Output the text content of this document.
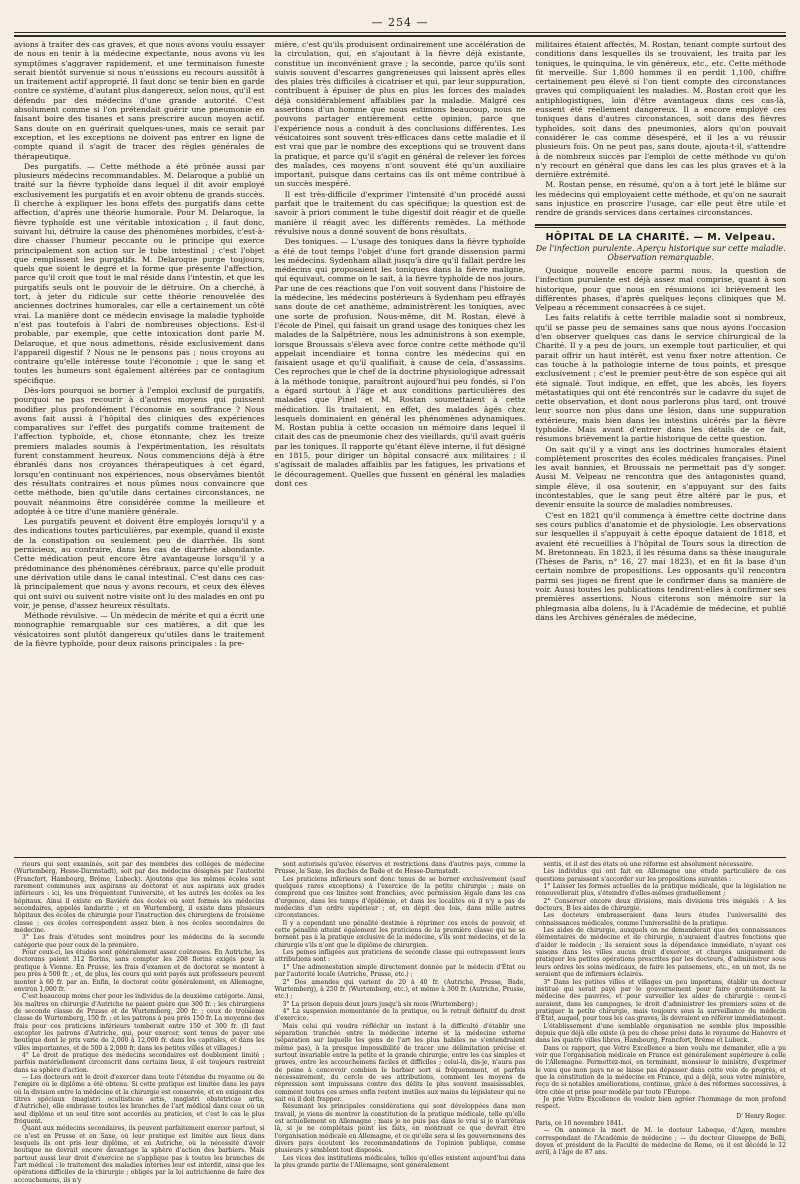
— 254 —

avions à traiter des cas graves, et que nous avons voulu essayer de nous en tenir à la médecine expectante, nous avons vu les symptômes s'aggraver rapidement, et une terminaison funeste serait bientôt survenue si nous n'eussions eu recours aussitôt à un traitement actif approprié. Il faut donc se tenir bien en garde contre ce système, d'autant plus dangereux, selon nous, qu'il est défendu par des médecins d'une grande autorité. C'est absolument comme si l'on prétendait guérir une pneumonie en faisant boire des tisanes et sans prescrire aucun moyen actif. Sans doute on en guérirait quelques-unes, mais ce serait par exception, et les exceptions ne doivent pas entrer en ligne de compte quand il s'agit de tracer des règles générales de thérapeutique.

Des purgatifs. — Cette méthode a été prônée aussi par plusieurs médecins recommandables. M. Delaroque a publié un traité sur la fièvre typhoïde dans lequel il dit avoir employé exclusivement les purgatifs et en avoir obtenu de grands succès. Il cherche à expliquer les bons effets des purgatifs dans cette affection, d'après une théorie humorale. Pour M. Delaroque, la fièvre typhoïde est une véritable intoxication ; il faut donc, suivant lui, détruire la cause des phénomènes morbides, c'est-à-dire chasser l'humeur peccante ou le principe qui exerce principalement son action sur le tube intestinal ; c'est l'objet que remplissent les purgatifs. M. Delaroque purge toujours, quels que soient le degré et la forme que présente l'affection, parce qu'il croit que tout le mal réside dans l'intestin, et que les purgatifs seuls ont le pouvoir de le détruire. On a cherché, à tort, à jeter du ridicule sur cette théorie renouvelée des anciennes doctrines humorales, car elle a certainement un côté vrai. La manière dont ce médecin envisage la maladie typhoïde n'est pas toutefois à l'abri de nombreuses objections. Est-il probable, par exemple, que cette intoxication dont parle M. Delaroque, et que nous admettons, réside exclusivement dans l'appareil digestif ? Nous ne le pensons pas ; nous croyons au contraire qu'elle intéresse toute l'économie ; que le sang et toutes les humeurs sont également altérées par ce contagium spécifique.

Dès-lors pourquoi se borner à l'emploi exclusif de purgatifs, pourquoi ne pas recourir à d'autres moyens qui puissent modifier plus profondément l'économie en souffrance ? Nous avons fait aussi à l'hôpital des cliniques des expériences comparatives sur l'effet des purgatifs comme traitement de l'affection typhoïde, et, chose étonnante, chez les treize premiers malades soumis à l'expérimentation, les résultats furent constamment heureux. Nous commencions déjà à être ébranlés dans nos croyances thérapeutiques à cet égard, lorsqu'en continuant nos expériences, nous observâmes bientôt des résultats contraires et nous pûmes nous convaincre que cette méthode, bien qu'utile dans certaines circonstances, ne pouvait néanmoins être considérée comme la meilleure et adoptée à ce titre d'une manière générale.

Les purgatifs peuvent et doivent être employés lorsqu'il y a des indications toutes particulières, par exemple, quand il existe de la constipation ou seulement peu de diarrhée. Ils sont pernicieux, au contraire, dans les cas de diarrhée abondante. Cette médication peut encore être avantageuse lorsqu'il y a prédominance des phénomènes cérébraux, parce qu'elle produit une dérivation utile dans le canal intestinal. C'est dans ces cas-là principalement que nous y avons recours, et ceux des élèves qui ont suivi ou suivent notre visite ont lu des malades en ont pu voir, je pense, d'assez heureux résultats.

Méthode révulsive. — Un médecin de mérite et qui a écrit une monographie remarquable sur ces matières, a dit que les vésicatoires sont plutôt dangereux qu'utiles dans le traitement de la fièvre typhoïde, pour deux raisons principales : la pre-

mière, c'est qu'ils produisent ordinairement une accélération de la circulation, qui, en s'ajoutant à la fièvre déjà existante, constitue un inconvénient grave ; la seconde, parce qu'ils sont suivis souvent d'escarres gangreneuses qui laissent après elles des plaies très difficiles à cicatriser et qui, par leur suppuration, contribuent à épuiser de plus en plus les forces des malades déjà considérablement affaiblies par la maladie. Malgré ces assertions d'un homme que nous estimons beaucoup, nous ne pouvons partager entièrement cette opinion, parce que l'expérience nous a conduit à des conclusions différentes. Les vésicatoires sont souvent très-efficaces dans cette maladie et il est vrai que par le nombre des exceptions qui se trouvent dans la pratique, et parce qu'il s'agit en général de relever les forces des malades, ces moyens n'ont souvent été qu'un auxiliaire important, puisque dans certains cas ils ont même contribué à un succès inespéré.

Il est très-difficile d'exprimer l'intensité d'un procédé aussi parfait que le traitement du cas spécifique; la question est de savoir à priori comment le tube digestif doit réagir et de quelle manière il réagit avec les différents remèdes. La méthode révulsive nous a donné souvent de bons résultats.

Des toniques. — L'usage des toniques dans la fièvre typhoïde a été de tout temps l'objet d'une fort grande dissension parmi les médecins. Sydenham allait jusqu'à dire qu'il fallait perdre les médecins qui proposaient les toniques dans la fièvre maligne, qui équivaut, comme on le sait, à la fièvre typhoïde de nos jours. Par une de ces réactions que l'on voit souvent dans l'histoire de la médecine, les médecins postérieurs à Sydenham peu effrayés sans doute de cet anathème, administrèrent les toniques, avec une sorte de profusion. Nous-même, dit M. Rostan, élevé à l'école de Pinel, qui faisait un grand usage des toniques chez les malades de la Salpêtrière, nous les administrons à son exemple, lorsque Broussais s'éleva avec force contre cette méthode qu'il appelait incendiaire et tonna contre les médecins qui en faisaient usage et qu'il qualifiait, à cause de cela, d'assassins. Ces reproches que le chef de la doctrine physiologique adressait à la méthode tonique, paraîtront aujourd'hui peu fondés, si l'on a égard surtout à l'âge et aux conditions particulières des malades que Pinel et M. Rostan soumettaient à cette médication. Ils traitaient, en effet, des malades âgés chez lesquels dominaient en général les phénomènes adynamiques. M. Rostan publia à cette occasion un mémoire dans lequel il citait des cas de pneumonie chez des vieillards, qu'il avait guéris par les toniques. Il rapporte qu'étant élève interne, il fut désigné en 1815, pour diriger un hôpital consacré aux militaires ; il s'agissait de malades affaiblis par les fatigues, les privations et le découragement. Quelles que fussent en général les maladies dont ces

militaires étaient affectés, M. Rostan, tenant compte surtout des conditions dans lesquelles ils se trouvaient, les traita par les toniques, le quinquina, le vin généreux, etc., etc. Cette méthode fit merveille. Sur 1,800 hommes il en perdit 1,100, chiffre certainement peu élevé si l'on tient compte des circonstances graves qui compliquaient les maladies. M. Rostan croit que les antiphlogistiques, loin d'être avantageux dans ces cas-là, eussent été réellement dangereux. Il a encore employé ces toniques dans d'autres circonstances, soit dans des fièvres typhoïdes, soit dans des pneumonies, alors qu'on pouvait considérer le cas comme désespéré, et il les a vu réussir plusieurs fois. On ne peut pas, sans doute, ajouta-t-il, s'attendre à de nombreux succès par l'emploi de cette méthode vu qu'on n'y recourt en général que dans les cas les plus graves et à la dernière extrémité.

M. Rostan pense, en résumé, qu'on a à tort jeté le blâme sur les médecins qui employaient cette méthode, et qu'on ne saurait sans injustice en proscrire l'usage, car elle peut être utile et rendre de grands services dans certaines circonstances.

HÔPITAL DE LA CHARITÉ. — M. Velpeau.
De l'infection purulente. Aperçu historique sur cette maladie. Observation remarquable.

Quoique nouvelle encore parmi nous, la question de l'infection purulente est déjà assez mal comprise, quant à son historique, pour que nous en résumions ici brièvement les différentes phases, d'après quelques leçons cliniques que M. Velpeau a récemment consacrées à ce sujet.

Les faits relatifs à cette terrible maladie sont si nombreux, qu'il se passe peu de semaines sans que nous ayons l'occasion d'en observer quelques cas dans le service chirurgical de la Charité. Il y a peu de jours, un exemple tout particulier, et qui parait offrir un haut intérêt, est venu fixer notre attention. Ce cas touche à la pathologie interne de tous points, et presque exclusivement ; c'est le premier peut-être de son espèce qui ait été signalé. Tout indique, en effet, que les abcès, les foyers métastatiques qui ont été rencontrés sur le cadavre du sujet de cette observation, et dont nous parlerons plus tard, ont trouvé leur source non plus dans une lésion, dans une suppuration extérieure, mais bien dans les intestins ulcérés par la fièvre typhoïde. Mais avant d'entrer dans les détails de ce fait, résumons brièvement la partie historique de cette question.

On sait qu'il y a vingt ans les doctrines humorales étaient complètement proscrites des écoles médicales françaises. Pinel les avait bannies, et Broussais ne permettait pas d'y songer. Aussi M. Velpeau ne rencontra que des antagonistes quand, simple élève, il osa soutenir, en s'appuyant sur des faits incontestables, que le sang peut être altéré par le pus, et devenir ensuite la source de maladies nombreuses.

C'est en 1821 qu'il commença à émettre cette doctrine dans ses cours publics d'anatomie et de physiologie. Les observations sur lesquelles il s'appuyait à cette époque dataient de 1818, et avaient été recueillies à l'hôpital de Tours sous la direction de M. Bretonneau. En 1823, il les résuma dans sa thèse inaugurale (Thèses de Paris, n° 16, 27 mai 1823), et en fit la base d'un certain nombre de propositions. Les opposants qu'il rencontra parmi ses juges ne firent que le confirmer dans sa manière de voir. Aussi toutes les publications tendirent-elles à confirmer ses premières assertions. Nous citerons son mémoire sur la phlegmasia alba dolens, lu à l'Académie de médecine, et publié dans les Archives générales de médecine,

rieurs qui sont examinés, soit par des membres des colléges de médecine (Wurtemberg, Hesse-Darmstadt), soit par des médecins désignés par l'autorité (Francfort, Hambourg, Brême, Lubeck). Ajoutons que les mêmes écoles sont rarement communes aux aspirans au doctorat et aux aspirans aux grades inférieurs : ici, les uns fréquentent l'université, et les autres les écoles ou les hôpitaux. Ainsi il existe en Bavière des écoles où sont formés les médecins secondaires, appelés landarzte ; et en Wurtemberg, il existe dans plusieurs hôpitaux des écoles de chirurgie pour l'instruction des chirurgiens de troisième classe ; ces écoles correspondent assez bien à nos écoles secondaires de médecine.

3° Les frais d'études sont moindres pour les médecins de la seconde catégorie que pour ceux de la première.

Pour ceux-ci, les études sont généralement assez coûteuses. En Autriche, les doctorans paient 312 florins, sans compter les 208 florins exigés pour la pratique à Vienne. En Prusse, les frais d'examen et de doctorat se montent à peu près à 500 fr. ; et, de plus, les cours qui sont payés aux professeurs peuvent monter à 60 fr. par an. Enfin, le doctorat coûte généralement, en Allemagne, environ 1,000 fr.

C'est beaucoup moins cher pour les individus de la deuxième catégorie. Ainsi, les maîtres en chirurgie d'Autriche ne paient guère que 300 fr. ; les chirurgiens de seconde classe de Prusse et de Wurtemberg, 200 fr. ; ceux de troisième classe de Wurtemberg, 150 fr. ; et les patrons à peu près 150 fr. La moyenne des frais pour ces praticiens inférieurs tomberait entre 150 et 300 fr. (Il faut excepter les patrons d'Autriche, qui, pour exercer, sont tenus de payer une boutique dont le prix varie de 2,000 à 12,000 fr. dans les capitales, et dans les villes importantes, et de 500 à 2,000 fr. dans les petites villes et villages.)

4° Le droit de pratique des médecins secondaires est doublement limité ; parfois matériellement circonscrit dans certains lieux, il est toujours restreint dans sa sphère d'action.

— Les docteurs ont le droit d'exercer dans toute l'étendue du royaume ou de l'empire où le diplôme a été obtenu. Si cette pratique est limitée dans les pays où la division entre la médecine et la chirurgie est conservée, et en exigeant des titres spéciaux (magistri ocultisticae artis, magistri obstetricae artis, d'Autriche), elle embrasse toutes les branches de l'art médical dans ceux où un seul diplôme et un seul titre sont accordés au praticien, et c'est le cas le plus fréquent.

Quant aux médecins secondaires, ils peuvent parfaitement exercer partout, si ce n'est en Prusse et en Saxe, où leur pratique est limitée aux lieux dans lesquels ils ont pris leur diplôme, et en Autriche, où la nécessité d'avoir boutique ne devrait encore davantage la sphère d'action des barbiers. Mais partout aussi leur droit d'exercice ne s'applique pas à toutes les branches de l'art médical : le traitement des maladies internes leur est interdit, ainsi que les opérations difficiles de la chirurgie ; obligés par la loi autrichienne de faire des accouchemens, ils n'y

sont autorisés qu'avec réserves et restrictions dans d'autres pays, comme la Prusse, la Saxe, les duchés de Bade et de Hesse-Darmstadt.

Les praticiens inférieurs sont donc tenus de se borner exclusivement (sauf quelques rares exceptions) à l'exercice de la petite chirurgie ; mais on comprend que ces limites sont franchies, avec permission légale dans les cas d'urgence, dans les temps d'épidémie, et dans les localités où il n'y a pas de médecins d'un ordre supérieur ; et, en dépit des lois, dans mille autres circonstances.

Il y a cependant une pénalité destinée à réprimer ces excès de pouvoir, et cette pénalité atteint également les praticiens de la première classe qui ne se bornent pas à la pratique exclusive de la médecine, s'ils sont médecins, et de la chirurgie s'ils n'ont que le diplôme de chirurgien.

Les peines infligées aux praticiens de seconde classe qui outrepassent leurs attributions sont :

1° Une admonestation simple directement donnée par le médecin d'État ou par l'autorité locale (Autriche, Prusse, etc.) ;

2° Des amendes qui varient de 20 à 40 fr. (Autriche, Prusse, Bade, Wurtemberg), à 250 fr. (Wurtemberg, etc.), et même à 300 fr. (Autriche, Prusse, etc.) ;

3° La prison depuis deux jours jusqu'à six mois (Wurtemberg) ;

4° La suspension momentanée de la pratique, ou le retrait définitif du droit d'exercice.

Mais celui qui voudra réfléchir un instant à la difficulté d'établir une séparation tranchée entre la médecine interne et la médecine externe (séparation sur laquelle les gens de l'art les plus habiles ne s'entendraient même pas), à la presque impossibilité de tracer une délimitation précise et surtout invariable entre la petite et la grande chirurgie, entre les cas simples et graves, entre les accouchemens faciles et difficiles ; celui-là, dis-je, n'aura pas de peine à concevoir combien le barbier sort si fréquemment, et parfois nécessairement, du cercle de ses attributions, comment les moyens de répression sont impuissans contre des délits le plus souvent insaisissables, comment toutes ces armes enfin restent inutiles aux mains du législateur qui ne sait où il doit frapper.

Résumant les principales considérations qui sont développées dans mon travail, je viens de montrer la constitution de la pratique médicale, telle qu'elle est actuellement en Allemagne ; mais je ne puis pas dans le vrai si je n'arrêtais là, si je ne complétais point les faits, en montrant ce que devrait être l'organisation médicale en Allemagne, et ce qu'elle sera si les gouvernemens des divers pays écoutent les recommandations de l'opinion publique, comme plusieurs y semblent tout disposés.

Les vices des institutions médicales, telles qu'elles existent aujourd'hui dans la plus grande partie de l'Allemagne, sont généralement

sentis, et il est des états où une réforme est absolument nécessaire.

Les individus qui ont fait en Allemagne une étude particulière de ces questions paraissent s'accorder sur les propositions suivantes :

1° Laisser les formes actuelles de la pratique médicale, que la législation ne renouvellerait plus, s'éteindre d'elles-mêmes graduellement ;

2° Conserver encore deux divisions, mais divisions très inégales : A les docteurs, B les aides de chirurgie.

Les docteurs embrasseraient dans leurs études l'universalité des connaissances médicales, comme l'universalité de la pratique.

Les aides de chirurgie, auxquels on ne demanderait que des connaissances élémentaires de médecine et de chirurgie, n'auraient d'autres fonctions que d'aider le médecin ; ils seraient sous la dépendance immédiate, n'ayant ces saisons dans les villes aucun droit d'exercer, et chargés uniquement de pratiquer les petites opérations prescrites par les docteurs, d'administrer sous leurs ordres les soins médicaux, de faire les pansemens, etc., en un mot, ils ne seraient que de infirmiers éclairés.

3° Dans les petites villes et villages un peu importans, établir un docteur institué qui serait payé par le gouvernement pour faire gratuitement la médecine des pauvres, et pour surveiller les aides de chirurgie : ceux-ci auraient, dans les campagnes, le droit d'administrer les premiers soins et de pratiquer la petite chirurgie, mais toujours sous la surveillance du médecin d'État, auquel, pour tous les cas graves, ils devraient en référer immédiatement.

L'établissement d'une semblable organisation ne semble plus impossible depuis que déjà elle existe (à peu de chose près) dans le royaume de Hanovre et dans les quatre villes libres, Hambourg, Francfort, Brême et Lubeck.

Dans ce rapport, que Votre Excellence a bien voulu me demander, elle a pu voir que l'organisation médicale en France est généralement supérieure à celle de l'Allemagne. Permettez-moi, en terminant, monsieur le ministre, d'exprimer le vœu que mon pays ne se laisse pas dépasser dans cette voie de progrès, et que la constitution de la médecine en France, qui a déjà, sous votre ministère, reçu de si notables améliorations, continue, grâce à des réformes successives, à être citée et prise pour modèle par toute l'Europe.

Je prie Votre Excellence de vouloir bien agréer l'hommage de mon profond respect.

D' Henry Roger.

Paris, ce 10 novembre 1841.

— On annonce la mort de M. le docteur Labeque, d'Agen, membre correspondant de l'Académie de médecine ; — du docteur Giuseppe de Belli, doyen et président de la Faculté de médecine de Rome, où il est décédé le 12 avril, à l'âge de 87 ans.
